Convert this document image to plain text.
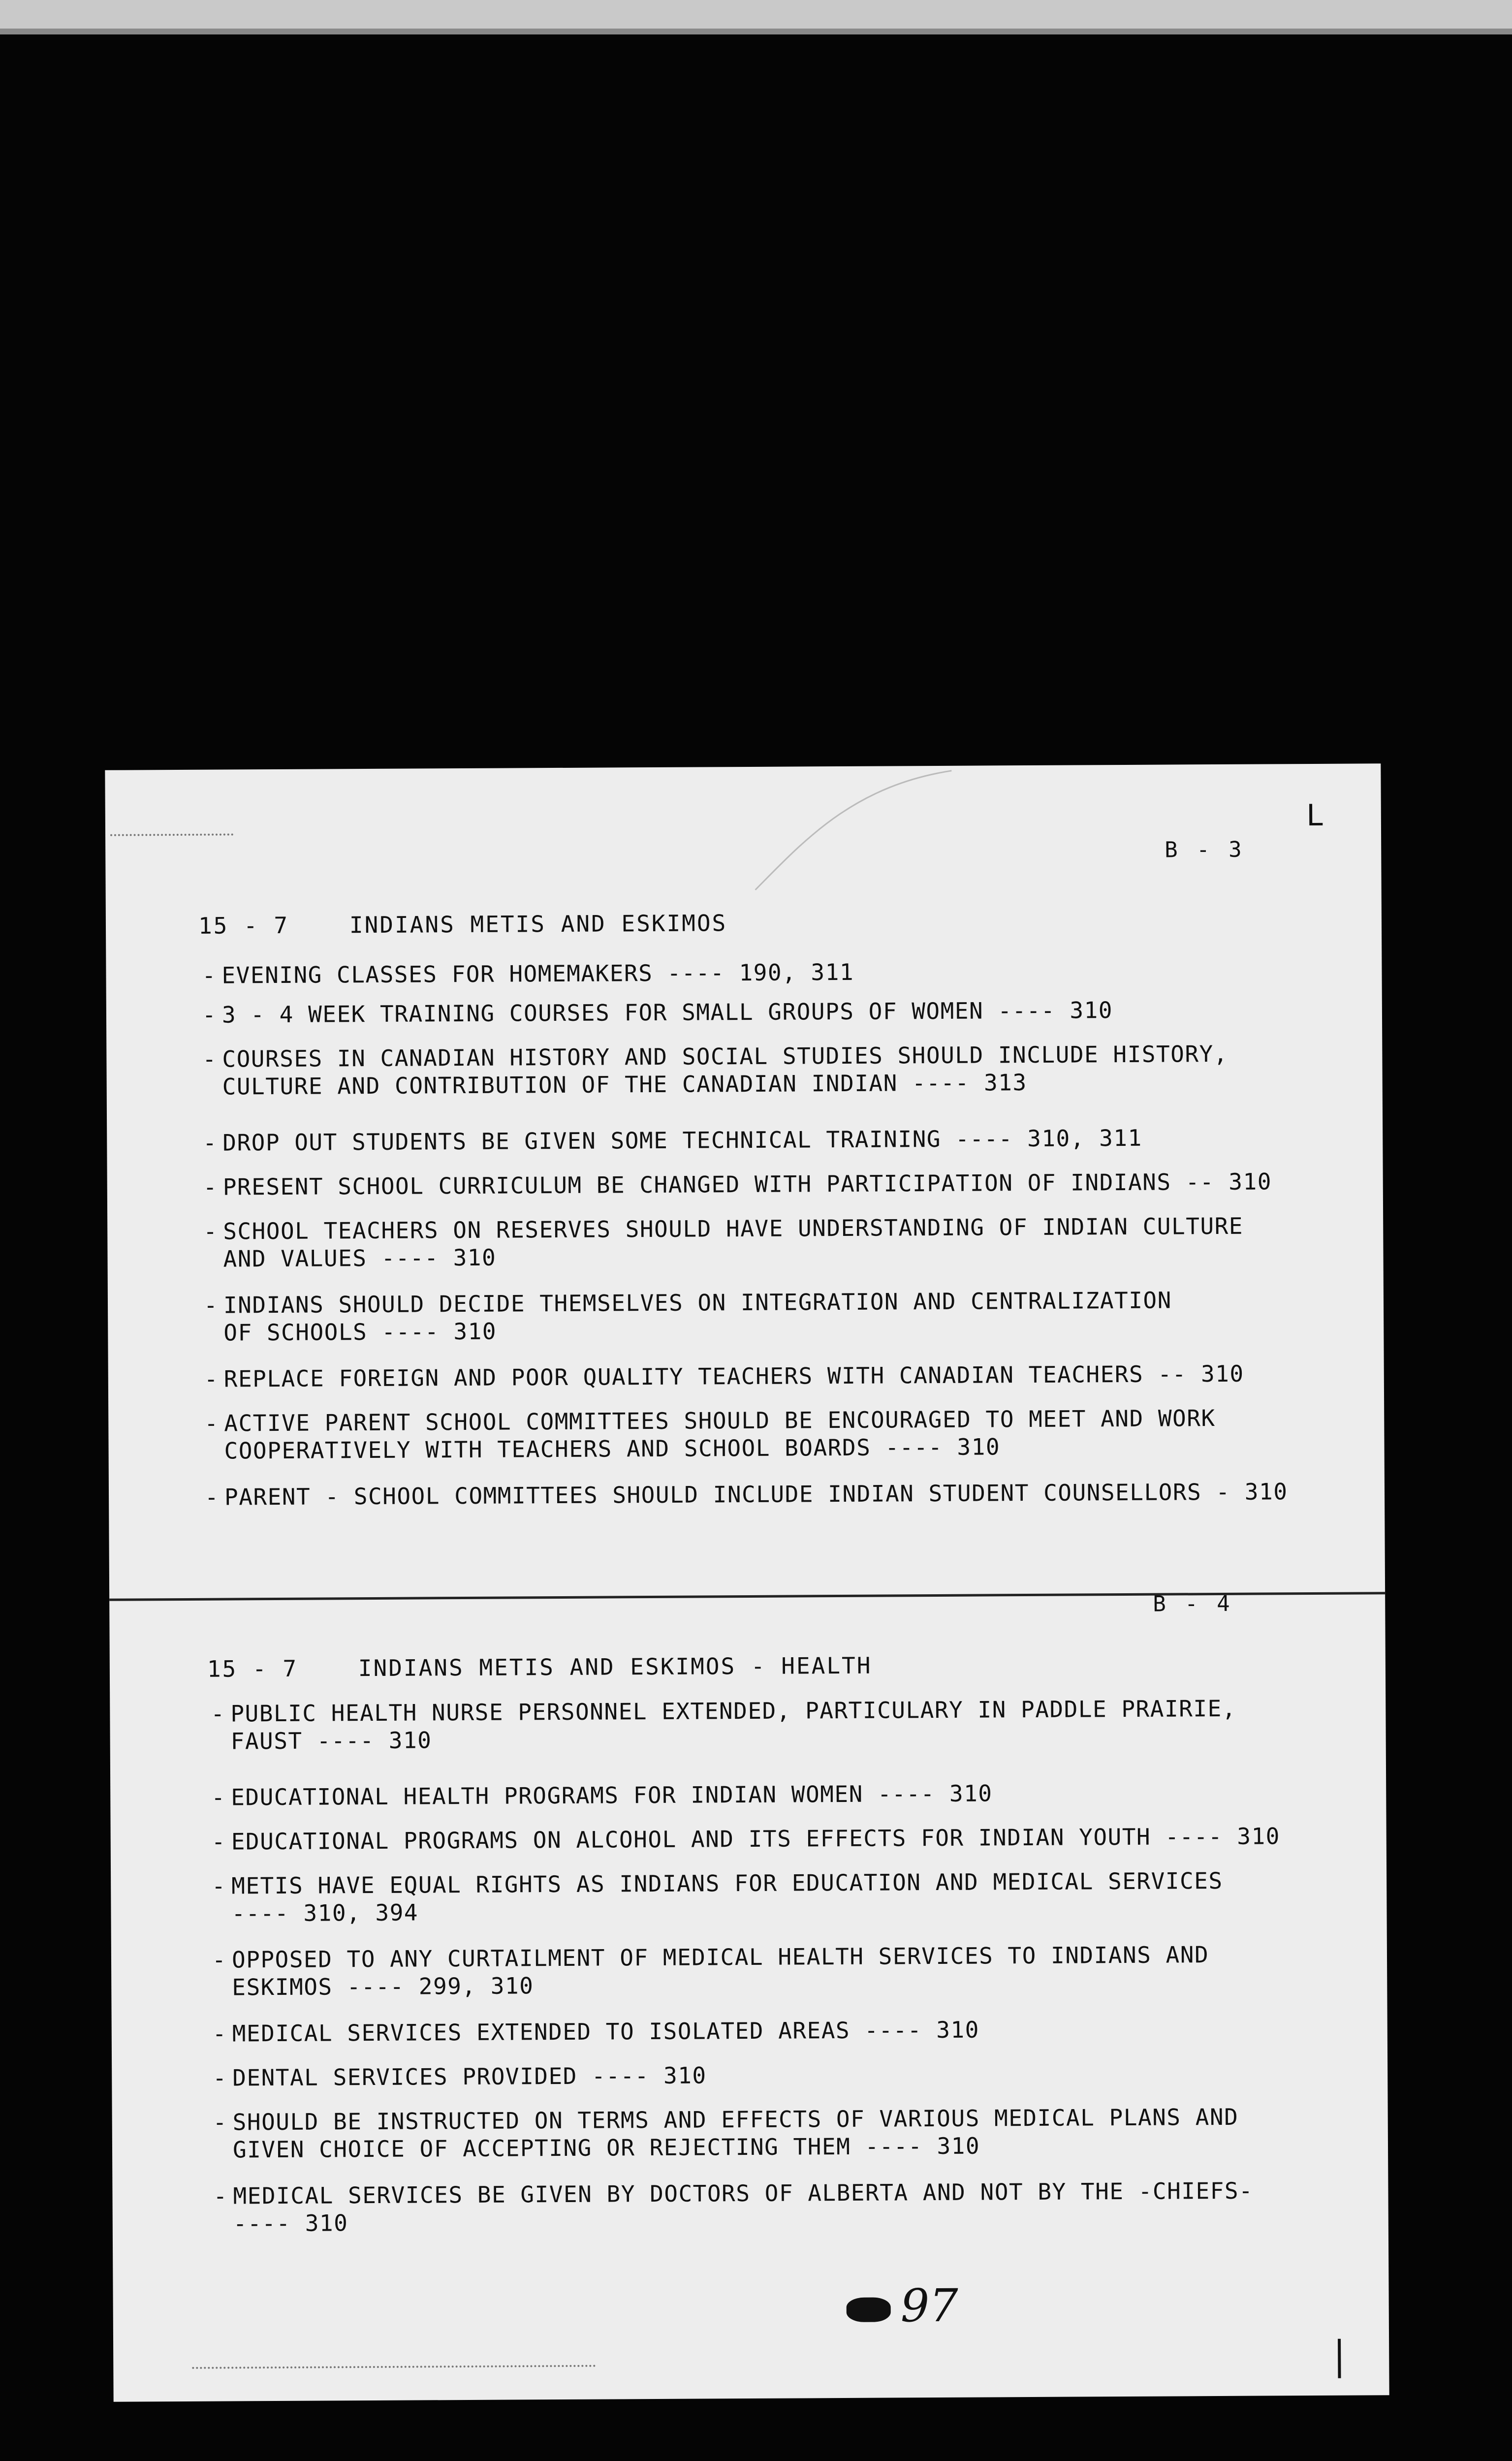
L
B - 3
15 - 7	INDIANS METIS AND ESKIMOS
- EVENING CLASSES FOR HOMEMAKERS ---- 190, 311
- 3 - 4 WEEK TRAINING COURSES FOR SMALL GROUPS OF WOMEN ---- 310
- COURSES IN CANADIAN HISTORY AND SOCIAL STUDIES SHOULD INCLUDE HISTORY,
CULTURE AND CONTRIBUTION OF THE CANADIAN INDIAN ---- 313
- DROP OUT STUDENTS BE GIVEN SOME TECHNICAL TRAINING ---- 310, 311
- PRESENT SCHOOL CURRICULUM BE CHANGED WITH PARTICIPATION OF INDIANS -- 310
- SCHOOL TEACHERS ON RESERVES SHOULD HAVE UNDERSTANDING OF INDIAN CULTURE
AND VALUES ---- 310
- INDIANS SHOULD DECIDE THEMSELVES ON INTEGRATION AND CENTRALIZATION
OF SCHOOLS ---- 310
- REPLACE FOREIGN AND POOR QUALITY TEACHERS WITH CANADIAN TEACHERS -- 310
- ACTIVE PARENT SCHOOL COMMITTEES SHOULD BE ENCOURAGED TO MEET AND WORK
COOPERATIVELY WITH TEACHERS AND SCHOOL BOARDS ---- 310
- PARENT - SCHOOL COMMITTEES SHOULD INCLUDE INDIAN STUDENT COUNSELLORS - 310
B - 4
15 - 7	INDIANS METIS AND ESKIMOS - HEALTH
- PUBLIC HEALTH NURSE PERSONNEL EXTENDED, PARTICULARY IN PADDLE PRAIRIE,
FAUST ---- 310
- EDUCATIONAL HEALTH PROGRAMS FOR INDIAN WOMEN ---- 310
- EDUCATIONAL PROGRAMS ON ALCOHOL AND ITS EFFECTS FOR INDIAN YOUTH ---- 310
- METIS HAVE EQUAL RIGHTS AS INDIANS FOR EDUCATION AND MEDICAL SERVICES
---- 310, 394
- OPPOSED TO ANY CURTAILMENT OF MEDICAL HEALTH SERVICES TO INDIANS AND
ESKIMOS ---- 299, 310
- MEDICAL SERVICES EXTENDED TO ISOLATED AREAS ---- 310
- DENTAL SERVICES PROVIDED ---- 310
- SHOULD BE INSTRUCTED ON TERMS AND EFFECTS OF VARIOUS MEDICAL PLANS AND
GIVEN CHOICE OF ACCEPTING OR REJECTING THEM ---- 310
- MEDICAL SERVICES BE GIVEN BY DOCTORS OF ALBERTA AND NOT BY THE -CHIEFS-
---- 310
97
